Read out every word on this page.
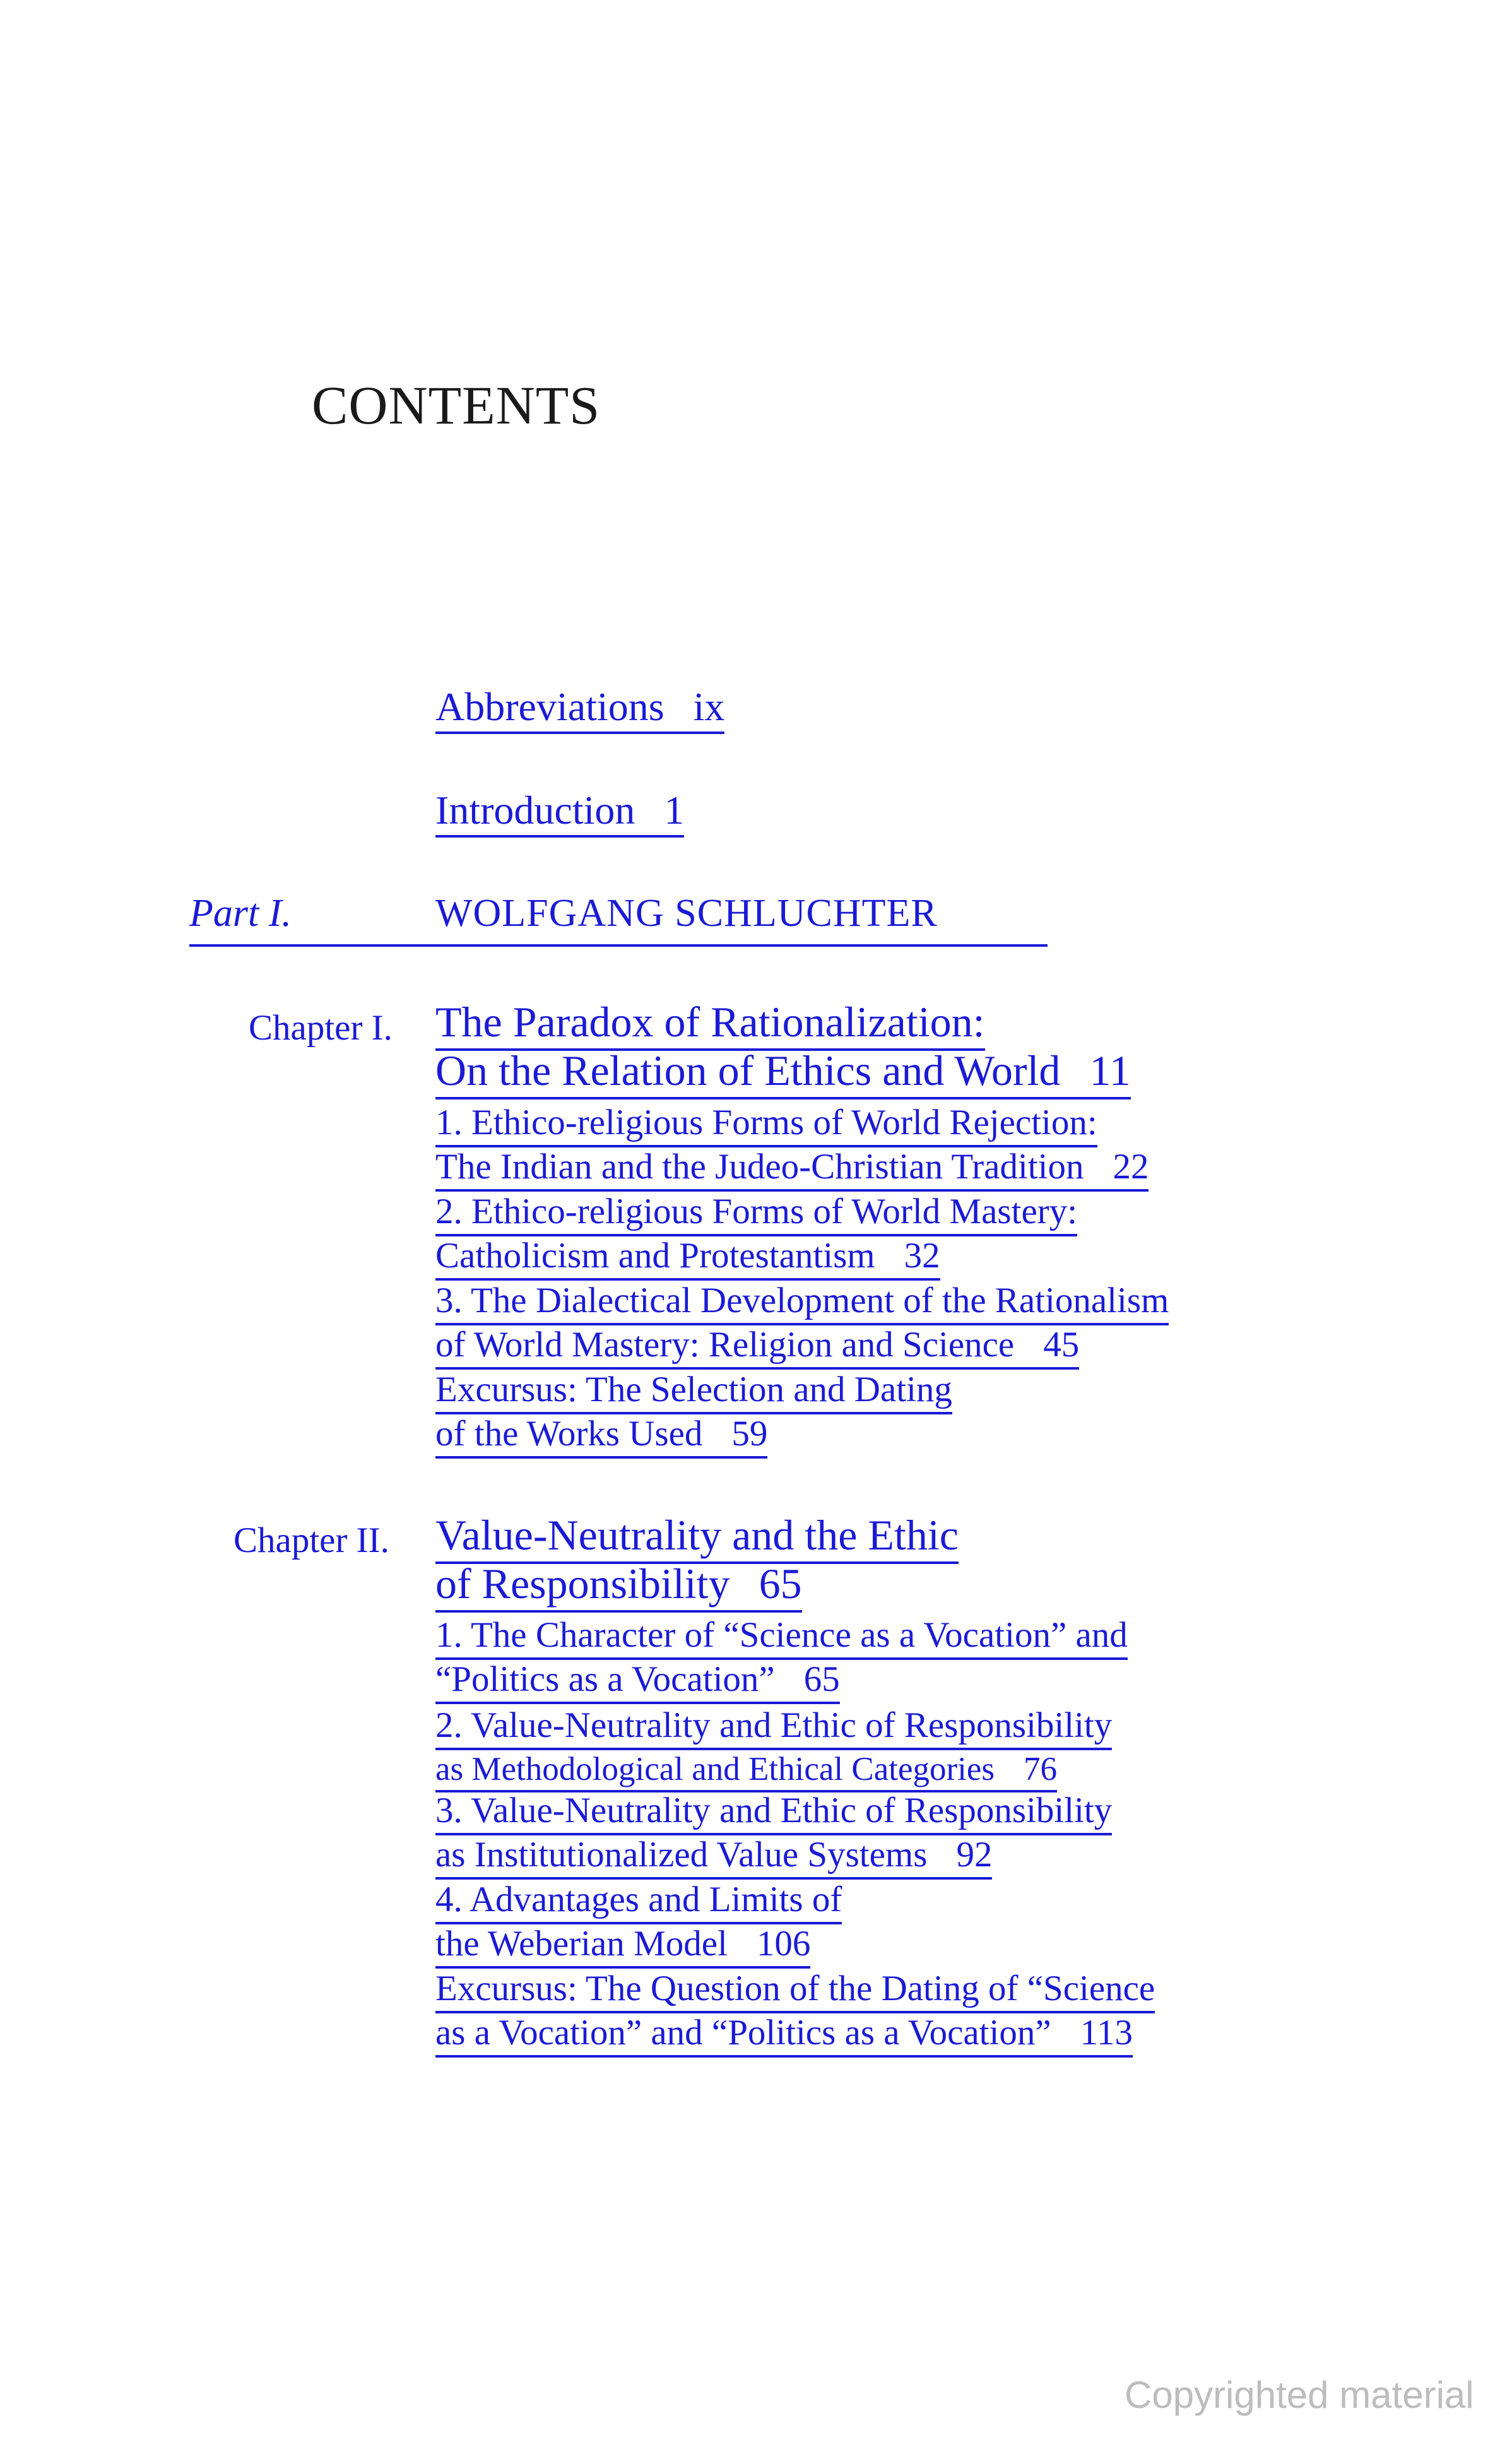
CONTENTS
Abbreviations ix
Introduction 1
Part I.	WOLFGANG SCHLUCHTER
Chapter I. The Paradox of Rationalization:
On the Relation of Ethics and World 11
1. Ethico-religious Forms of World Rejection:
The Indian and the Judeo-Christian Tradition 22
2. Ethico-religious Forms of World Mastery:
Catholicism and Protestantism 32
3. The Dialectical Development of the Rationalism
of World Mastery: Religion and Science 45
Excursus: The Selection and Dating
of the Works Used 59
Chapter II. Value-Neutrality and the Ethic
of Responsibility 65
1. The Character of “Science as a Vocation” and
“Politics as a Vocation” 65
2. Value-Neutrality and Ethic of Responsibility
as Methodological and Ethical Categories 76
3. Value-Neutrality and Ethic of Responsibility
as Institutionalized Value Systems 92
4. Advantages and Limits of
the Weberian Model 106
Excursus: The Question of the Dating of “Science
as a Vocation” and “Politics as a Vocation” 113
Copyrighted material
